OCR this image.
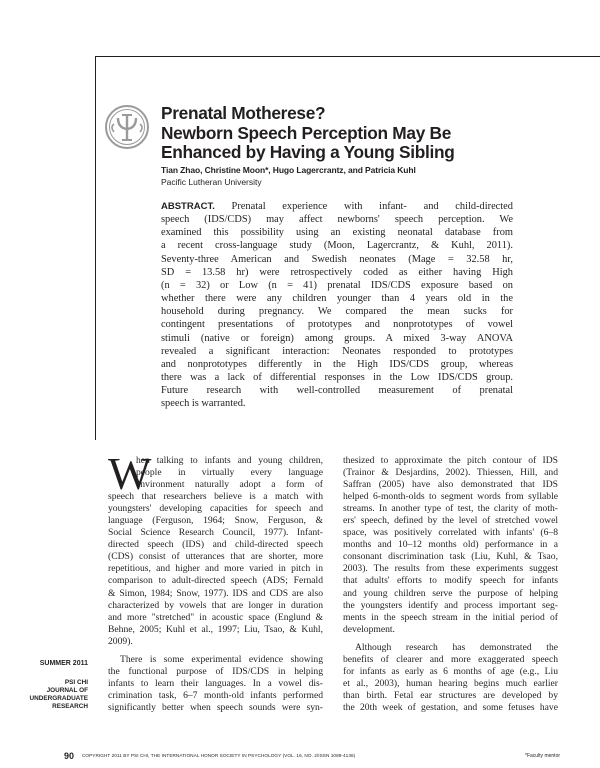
Prenatal Motherese?
Newborn Speech Perception May Be
Enhanced by Having a Young Sibling
Tian Zhao, Christine Moon*, Hugo Lagercrantz, and Patricia Kuhl
Pacific Lutheran University
ABSTRACT. Prenatal experience with infant- and child-directed
speech (IDS/CDS) may affect newborns' speech perception. We
examined this possibility using an existing neonatal database from
a recent cross-language study (Moon, Lagercrantz, & Kuhl, 2011).
Seventy-three American and Swedish neonates (Mage = 32.58 hr,
SD = 13.58 hr) were retrospectively coded as either having High
(n = 32) or Low (n = 41) prenatal IDS/CDS exposure based on
whether there were any children younger than 4 years old in the
household during pregnancy. We compared the mean sucks for
contingent presentations of prototypes and nonprototypes of vowel
stimuli (native or foreign) among groups. A mixed 3-way ANOVA
revealed a significant interaction: Neonates responded to prototypes
and nonprototypes differently in the High IDS/CDS group, whereas
there was a lack of differential responses in the Low IDS/CDS group.
Future research with well-controlled measurement of prenatal
speech is warranted.
W
hen talking to infants and young children,
people in virtually every language
environment naturally adopt a form of
speech that researchers believe is a match with
youngsters' developing capacities for speech and
language (Ferguson, 1964; Snow, Ferguson, &
Social Science Research Council, 1977). Infant-
directed speech (IDS) and child-directed speech
(CDS) consist of utterances that are shorter, more
repetitious, and higher and more varied in pitch in
comparison to adult-directed speech (ADS; Fernald
& Simon, 1984; Snow, 1977). IDS and CDS are also
characterized by vowels that are longer in duration
and more "stretched" in acoustic space (Englund &
Behne, 2005; Kuhl et al., 1997; Liu, Tsao, & Kuhl,
2009).
There is some experimental evidence showing
the functional purpose of IDS/CDS in helping
infants to learn their languages. In a vowel dis-
crimination task, 6–7 month-old infants performed
significantly better when speech sounds were syn-
thesized to approximate the pitch contour of IDS
(Trainor & Desjardins, 2002). Thiessen, Hill, and
Saffran (2005) have also demonstrated that IDS
helped 6-month-olds to segment words from syllable
streams. In another type of test, the clarity of moth-
ers' speech, defined by the level of stretched vowel
space, was positively correlated with infants' (6–8
months and 10–12 months old) performance in a
consonant discrimination task (Liu, Kuhl, & Tsao,
2003). The results from these experiments suggest
that adults' efforts to modify speech for infants
and young children serve the purpose of helping
the youngsters identify and process important seg-
ments in the speech stream in the initial period of
development.
Although research has demonstrated the
benefits of clearer and more exaggerated speech
for infants as early as 6 months of age (e.g., Liu
et al., 2003), human hearing begins much earlier
than birth. Fetal ear structures are developed by
the 20th week of gestation, and some fetuses have
SUMMER 2011
PSI CHI
JOURNAL OF
UNDERGRADUATE
RESEARCH
90 COPYRIGHT 2011 BY PSI CHI, THE INTERNATIONAL HONOR SOCIETY IN PSYCHOLOGY (VOL. 16, NO. 2/ISSN 1089-4136)	*Faculty mentor
